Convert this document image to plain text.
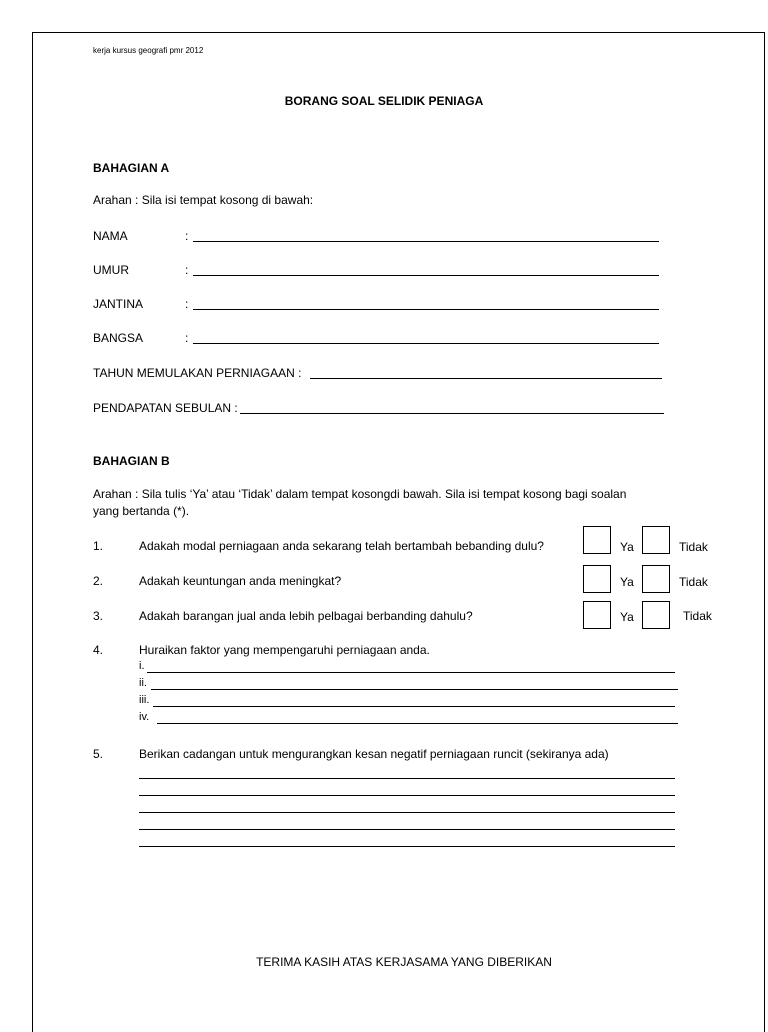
kerja kursus geografi pmr 2012
BORANG SOAL SELIDIK PENIAGA
BAHAGIAN A
Arahan : Sila isi tempat kosong di bawah:
NAMA	:
UMUR	:
JANTINA	:
BANGSA	:
TAHUN MEMULAKAN PERNIAGAAN :
PENDAPATAN SEBULAN :
BAHAGIAN B
Arahan : Sila tulis ‘Ya’ atau ‘Tidak’ dalam tempat kosongdi bawah. Sila isi tempat kosong bagi soalan
yang bertanda (*).
1.	Adakah modal perniagaan anda sekarang telah bertambah bebanding dulu?	Ya	Tidak
2.	Adakah keuntungan anda meningkat?	Ya	Tidak
3.	Adakah barangan jual anda lebih pelbagai berbanding dahulu?	Ya	Tidak
4.	Huraikan faktor yang mempengaruhi perniagaan anda.
i.
ii.
iii.
iv.
5.	Berikan cadangan untuk mengurangkan kesan negatif perniagaan runcit (sekiranya ada)
TERIMA KASIH ATAS KERJASAMA YANG DIBERIKAN
